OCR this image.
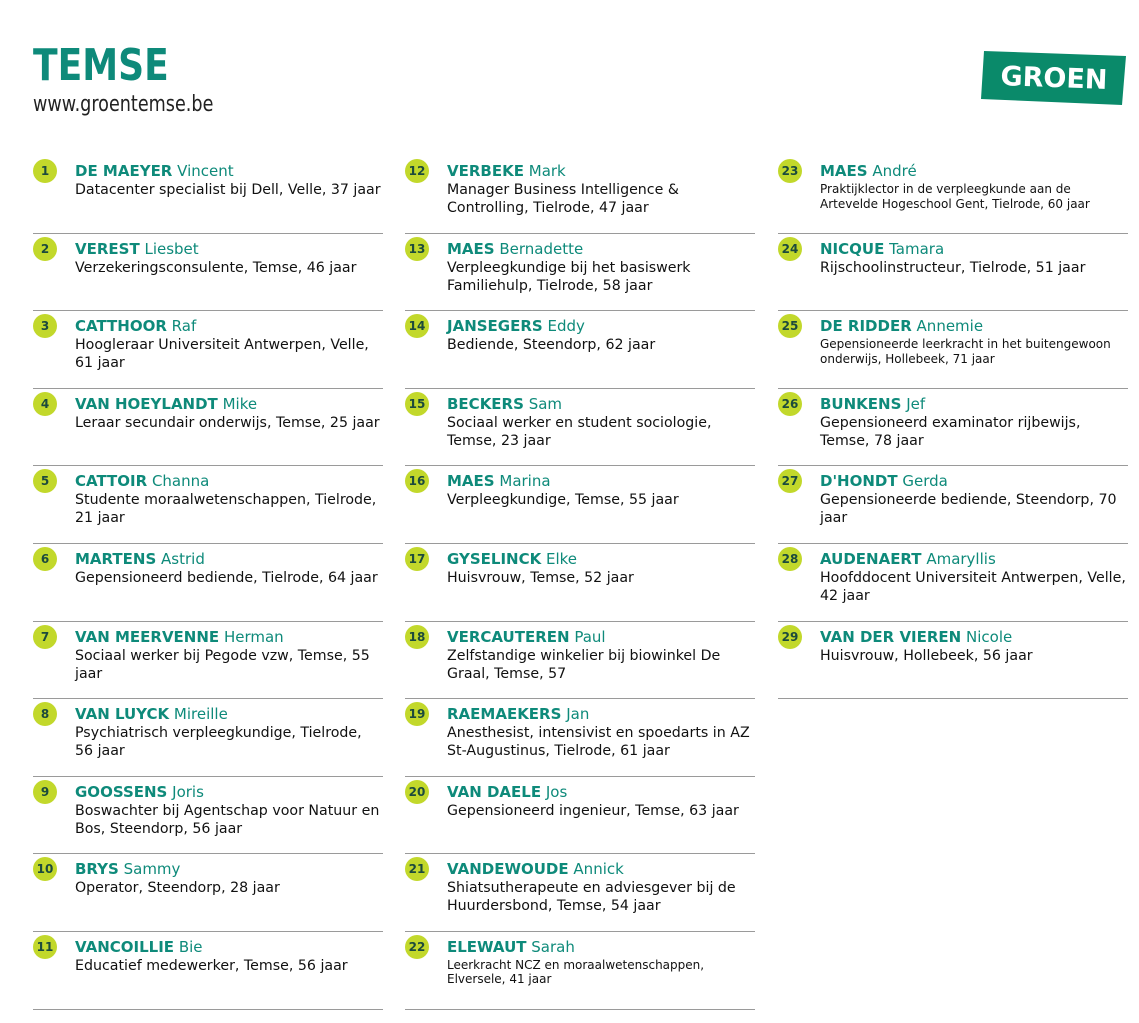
TEMSE
www.groentemse.be
GROEN
1	DE MAEYER Vincent
Datacenter specialist bij Dell, Velle, 37 jaar
2	VEREST Liesbet
Verzekeringsconsulente, Temse, 46 jaar
3	CATTHOOR Raf
Hoogleraar Universiteit Antwerpen, Velle, 61 jaar
4	VAN HOEYLANDT Mike
Leraar secundair onderwijs, Temse, 25 jaar
5	CATTOIR Channa
Studente moraalwetenschappen, Tielrode, 21 jaar
6	MARTENS Astrid
Gepensioneerd bediende, Tielrode, 64 jaar
7	VAN MEERVENNE Herman
Sociaal werker bij Pegode vzw, Temse, 55 jaar
8	VAN LUYCK Mireille
Psychiatrisch verpleegkundige, Tielrode, 56 jaar
9	GOOSSENS Joris
Boswachter bij Agentschap voor Natuur en Bos, Steendorp, 56 jaar
10 BRYS Sammy
Operator, Steendorp, 28 jaar
11 VANCOILLIE Bie
Educatief medewerker, Temse, 56 jaar
12 VERBEKE Mark
Manager Business Intelligence & Controlling, Tielrode, 47 jaar
13 MAES Bernadette
Verpleegkundige bij het basiswerk Familiehulp, Tielrode, 58 jaar
14 JANSEGERS Eddy
Bediende, Steendorp, 62 jaar
15 BECKERS Sam
Sociaal werker en student sociologie, Temse, 23 jaar
16 MAES Marina
Verpleegkundige, Temse, 55 jaar
17 GYSELINCK Elke
Huisvrouw, Temse, 52 jaar
18 VERCAUTEREN Paul
Zelfstandige winkelier bij biowinkel De Graal, Temse, 57
19 RAEMAEKERS Jan
Anesthesist, intensivist en spoedarts in AZ St-Augustinus, Tielrode, 61 jaar
20 VAN DAELE Jos
Gepensioneerd ingenieur, Temse, 63 jaar
21 VANDEWOUDE Annick
Shiatsutherapeute en adviesgever bij de Huurdersbond, Temse, 54 jaar
22 ELEWAUT Sarah
Leerkracht NCZ en moraalwetenschappen, Elversele, 41 jaar
23 MAES André
Praktijklector in de verpleegkunde aan de Artevelde Hogeschool Gent, Tielrode, 60 jaar
24 NICQUE Tamara
Rijschoolinstructeur, Tielrode, 51 jaar
25 DE RIDDER Annemie
Gepensioneerde leerkracht in het buitengewoon onderwijs, Hollebeek, 71 jaar
26 BUNKENS Jef
Gepensioneerd examinator rijbewijs, Temse, 78 jaar
27 D'HONDT Gerda
Gepensioneerde bediende, Steendorp, 70 jaar
28 AUDENAERT Amaryllis
Hoofddocent Universiteit Antwerpen, Velle, 42 jaar
29 VAN DER VIEREN Nicole
Huisvrouw, Hollebeek, 56 jaar
